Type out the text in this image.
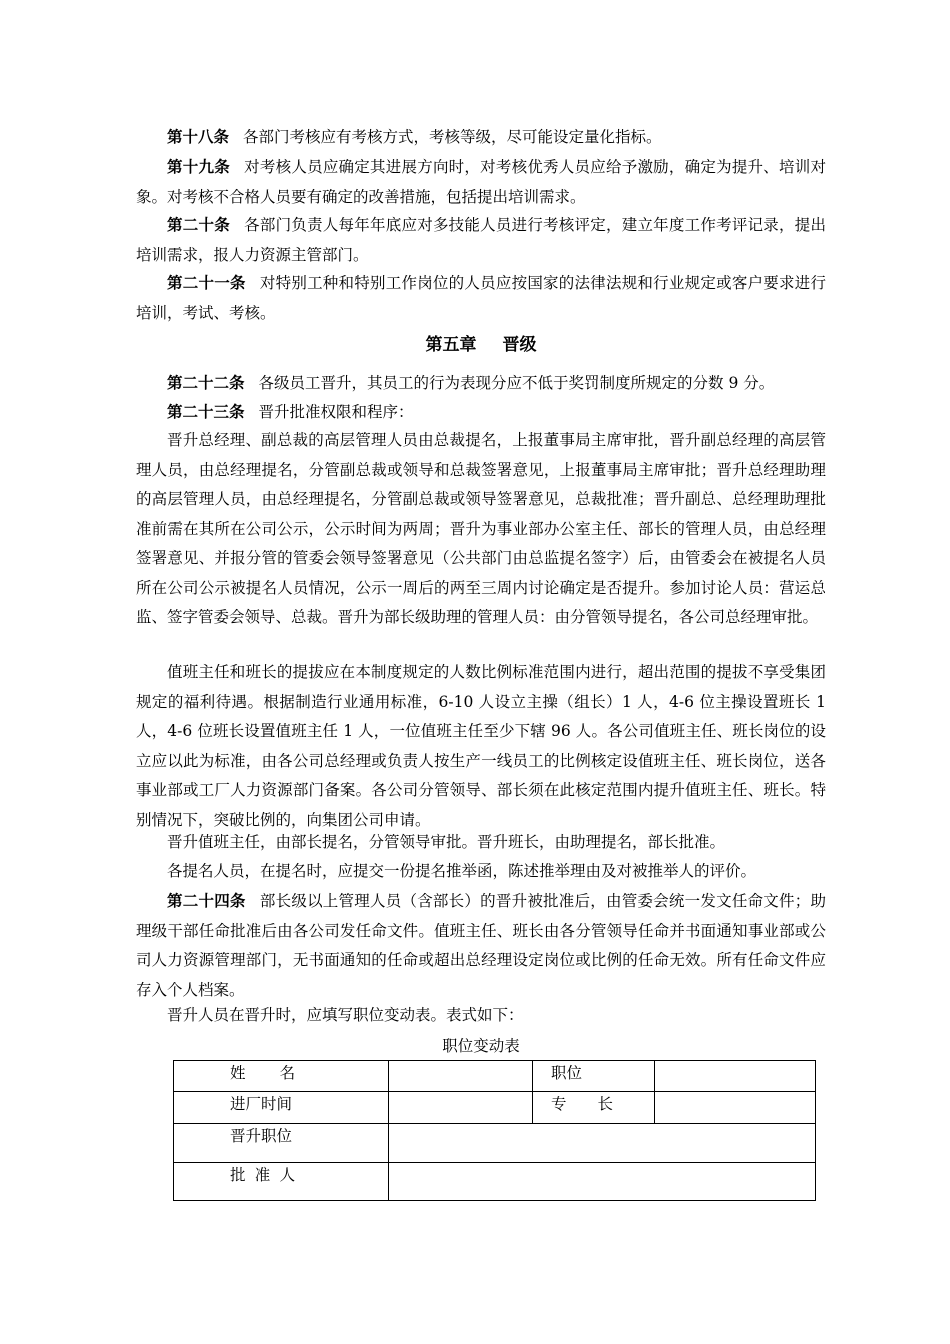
第十八条 各部门考核应有考核方式，考核等级，尽可能设定量化指标。

第十九条 对考核人员应确定其进展方向时，对考核优秀人员应给予激励，确定为提升、培训对象。对考核不合格人员要有确定的改善措施，包括提出培训需求。

第二十条 各部门负责人每年年底应对多技能人员进行考核评定，建立年度工作考评记录，提出培训需求，报人力资源主管部门。

第二十一条 对特别工种和特别工作岗位的人员应按国家的法律法规和行业规定或客户要求进行培训，考试、考核。

第五章 晋级

第二十二条 各级员工晋升，其员工的行为表现分应不低于奖罚制度所规定的分数 9 分。

第二十三条 晋升批准权限和程序：

晋升总经理、副总裁的高层管理人员由总裁提名，上报董事局主席审批，晋升副总经理的高层管理人员，由总经理提名，分管副总裁或领导和总裁签署意见，上报董事局主席审批；晋升总经理助理的高层管理人员，由总经理提名，分管副总裁或领导签署意见，总裁批准；晋升副总、总经理助理批准前需在其所在公司公示，公示时间为两周；晋升为事业部办公室主任、部长的管理人员，由总经理签署意见、并报分管的管委会领导签署意见（公共部门由总监提名签字）后，由管委会在被提名人员所在公司公示被提名人员情况，公示一周后的两至三周内讨论确定是否提升。参加讨论人员：营运总监、签字管委会领导、总裁。晋升为部长级助理的管理人员：由分管领导提名，各公司总经理审批。

值班主任和班长的提拔应在本制度规定的人数比例标准范围内进行，超出范围的提拔不享受集团规定的福利待遇。根据制造行业通用标准，6-10 人设立主操（组长）1 人，4-6 位主操设置班长 1 人，4-6 位班长设置值班主任 1 人，一位值班主任至少下辖 96 人。各公司值班主任、班长岗位的设立应以此为标准，由各公司总经理或负责人按生产一线员工的比例核定设值班主任、班长岗位，送各事业部或工厂人力资源部门备案。各公司分管领导、部长须在此核定范围内提升值班主任、班长。特别情况下，突破比例的，向集团公司申请。

晋升值班主任，由部长提名，分管领导审批。晋升班长，由助理提名，部长批准。

各提名人员，在提名时，应提交一份提名推举函，陈述推举理由及对被推举人的评价。

第二十四条 部长级以上管理人员（含部长）的晋升被批准后，由管委会统一发文任命文件；助理级干部任命批准后由各公司发任命文件。值班主任、班长由各分管领导任命并书面通知事业部或公司人力资源管理部门，无书面通知的任命或超出总经理设定岗位或比例的任命无效。所有任命文件应存入个人档案。

晋升人员在晋升时，应填写职位变动表。表式如下：

职位变动表

姓名		职位	
进厂时间		专长	
晋升职位			
批准人			
